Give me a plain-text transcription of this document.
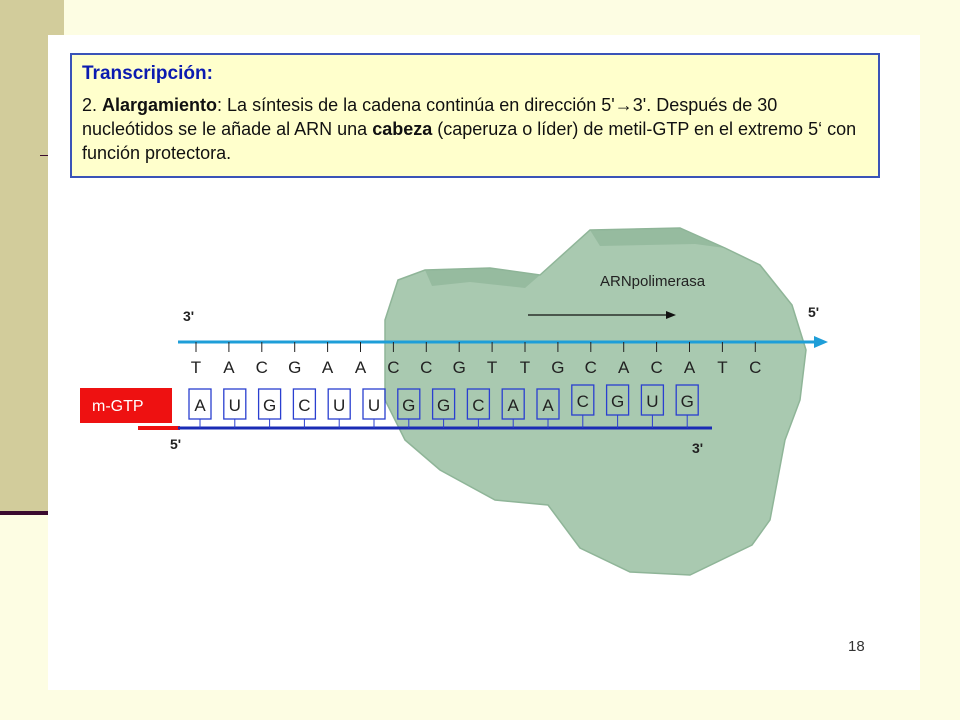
Transcripción:

2. Alargamiento: La síntesis de la cadena continúa en dirección 5'→3'. Después de 30 nucleótidos se le añade al ARN una cabeza (caperuza o líder) de metil-GTP en el extremo 5‘ con función protectora.

ARNpolimerasa
3'	5'
T A C G A A C C G T T G C A C A T C
m-GTP	A U G C U U G G C A A C G U G
5'	3'
18
